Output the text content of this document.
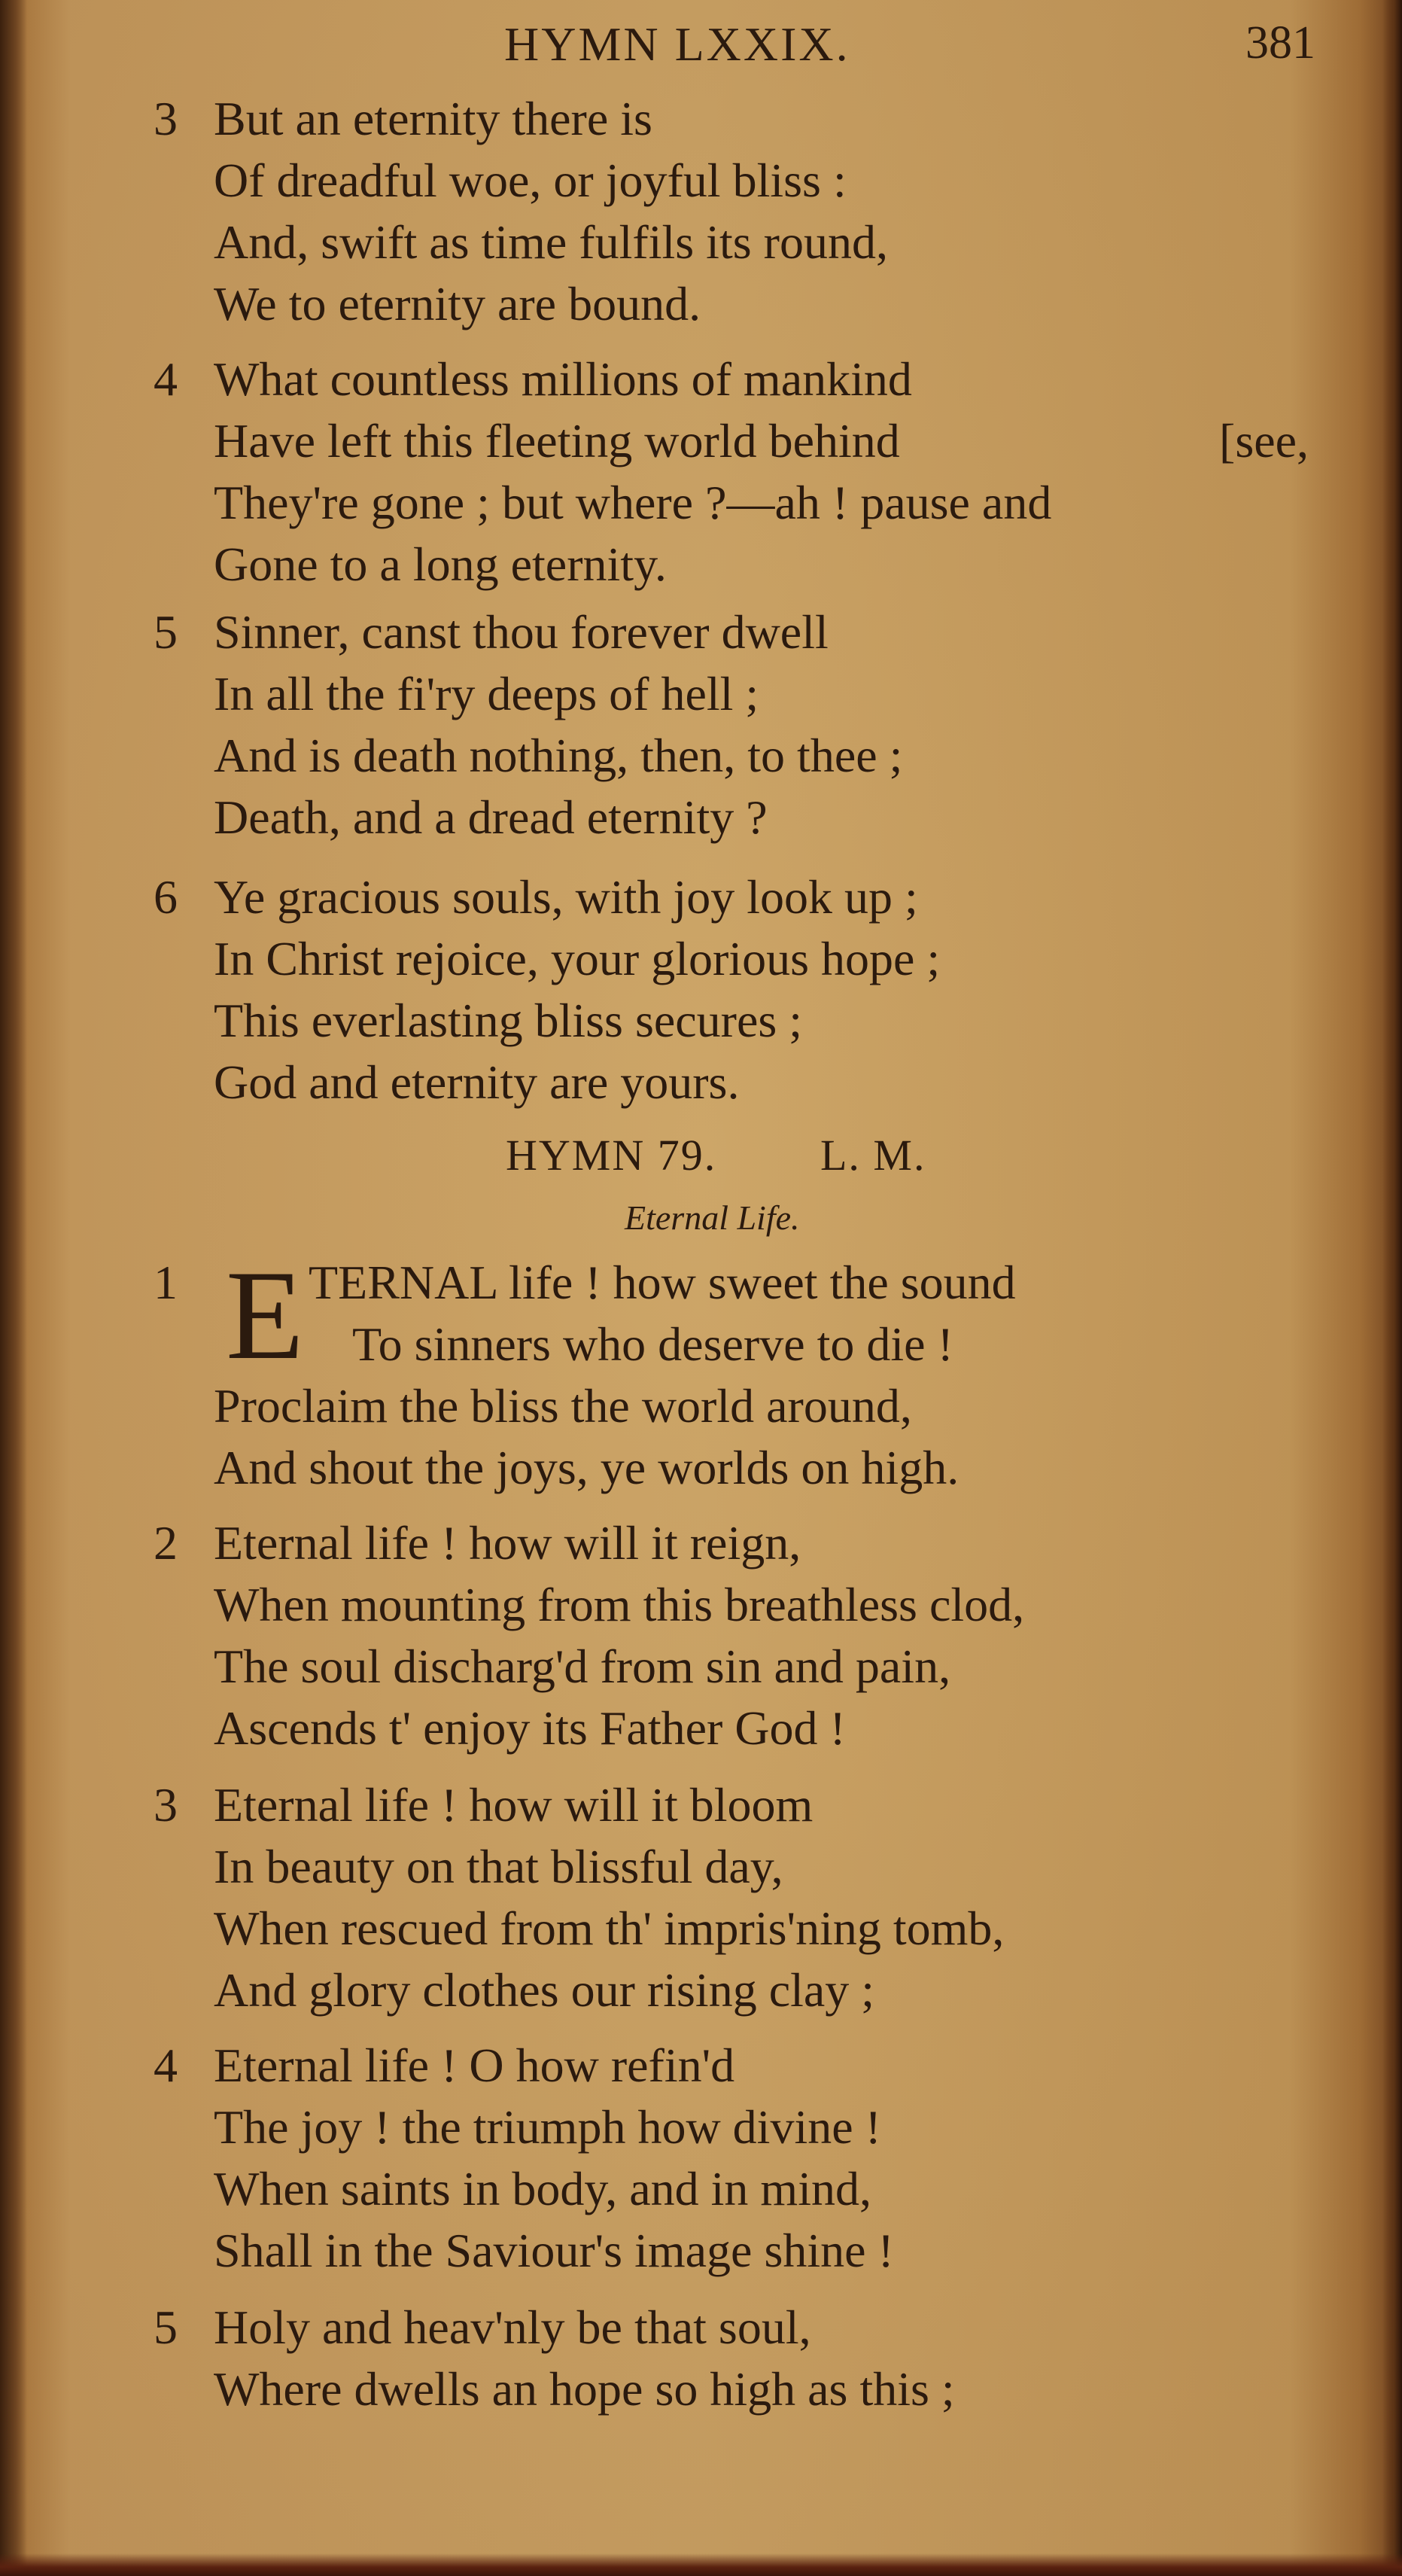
HYMN LXXIX.	381
3 But an eternity there is
Of dreadful woe, or joyful bliss :
And, swift as time fulfils its round,
We to eternity are bound.
4 What countless millions of mankind
Have left this fleeting world behind	[see,
They're gone ; but where ?—ah ! pause and
Gone to a long eternity.
5 Sinner, canst thou forever dwell
In all the fi'ry deeps of hell ;
And is death nothing, then, to thee ;
Death, and a dread eternity ?
6 Ye gracious souls, with joy look up ;
In Christ rejoice, your glorious hope ;
This everlasting bliss secures ;
God and eternity are yours.
HYMN 79. L. M.
Eternal Life.
E
1	TERNAL life ! how sweet the sound
To sinners who deserve to die !
Proclaim the bliss the world around,
And shout the joys, ye worlds on high.
2 Eternal life ! how will it reign,
When mounting from this breathless clod,
The soul discharg'd from sin and pain,
Ascends t' enjoy its Father God !
3 Eternal life ! how will it bloom
In beauty on that blissful day,
When rescued from th' impris'ning tomb,
And glory clothes our rising clay ;
4 Eternal life ! O how refin'd
The joy ! the triumph how divine !
When saints in body, and in mind,
Shall in the Saviour's image shine !
5 Holy and heav'nly be that soul,
Where dwells an hope so high as this ;
